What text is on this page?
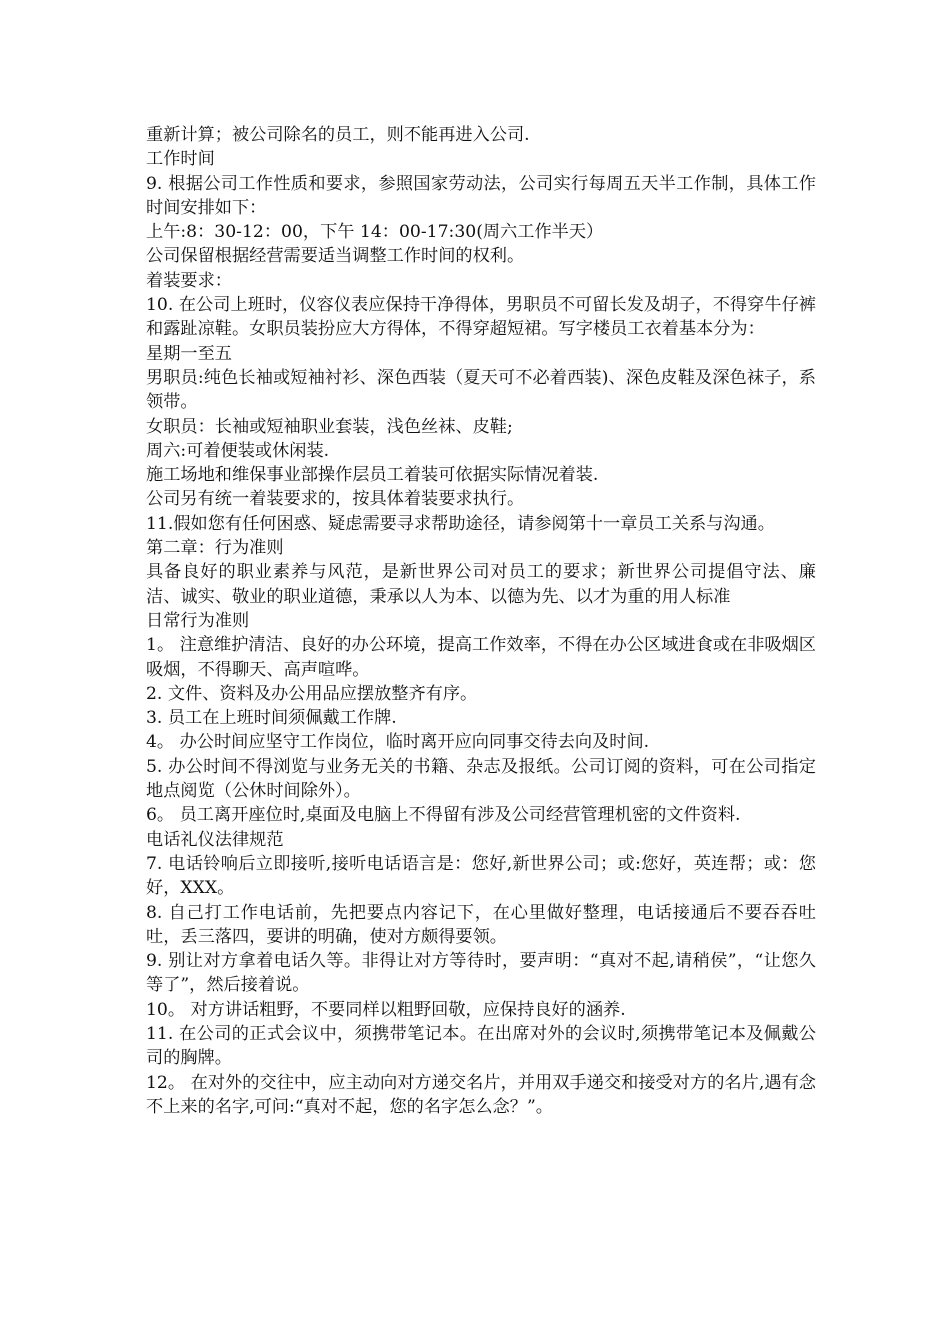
重新计算；被公司除名的员工，则不能再进入公司.

工作时间

9. 根据公司工作性质和要求，参照国家劳动法，公司实行每周五天半工作制，具体工作时间安排如下：

上午:8：30-12：00，下午 14：00-17:30(周六工作半天）

公司保留根据经营需要适当调整工作时间的权利。

着装要求：

10. 在公司上班时，仪容仪表应保持干净得体，男职员不可留长发及胡子，不得穿牛仔裤和露趾凉鞋。女职员装扮应大方得体，不得穿超短裙。写字楼员工衣着基本分为：

星期一至五

男职员:纯色长袖或短袖衬衫、深色西装（夏天可不必着西装)、深色皮鞋及深色袜子，系领带。

女职员：长袖或短袖职业套装，浅色丝袜、皮鞋;

周六:可着便装或休闲装.

施工场地和维保事业部操作层员工着装可依据实际情况着装.

公司另有统一着装要求的，按具体着装要求执行。

11.假如您有任何困惑、疑虑需要寻求帮助途径，请参阅第十一章员工关系与沟通。

第二章：行为准则

具备良好的职业素养与风范，是新世界公司对员工的要求；新世界公司提倡守法、廉洁、诚实、敬业的职业道德，秉承以人为本、以德为先、以才为重的用人标准

日常行为准则

1。 注意维护清洁、良好的办公环境，提高工作效率，不得在办公区域进食或在非吸烟区吸烟，不得聊天、高声喧哗。

2. 文件、资料及办公用品应摆放整齐有序。

3. 员工在上班时间须佩戴工作牌.

4。 办公时间应坚守工作岗位，临时离开应向同事交待去向及时间.

5. 办公时间不得浏览与业务无关的书籍、杂志及报纸。公司订阅的资料，可在公司指定地点阅览（公休时间除外）。

6。 员工离开座位时,桌面及电脑上不得留有涉及公司经营管理机密的文件资料.

电话礼仪法律规范

7. 电话铃响后立即接听,接听电话语言是：您好,新世界公司；或:您好，英连帮；或：您好，XXX。

8. 自己打工作电话前，先把要点内容记下，在心里做好整理，电话接通后不要吞吞吐吐，丢三落四，要讲的明确，使对方颇得要领。

9. 别让对方拿着电话久等。非得让对方等待时，要声明：“真对不起,请稍侯”，“让您久等了”，然后接着说。

10。 对方讲话粗野，不要同样以粗野回敬，应保持良好的涵养.

11. 在公司的正式会议中，须携带笔记本。在出席对外的会议时,须携带笔记本及佩戴公司的胸牌。

12。 在对外的交往中，应主动向对方递交名片，并用双手递交和接受对方的名片,遇有念不上来的名字,可问:“真对不起，您的名字怎么念？”。
